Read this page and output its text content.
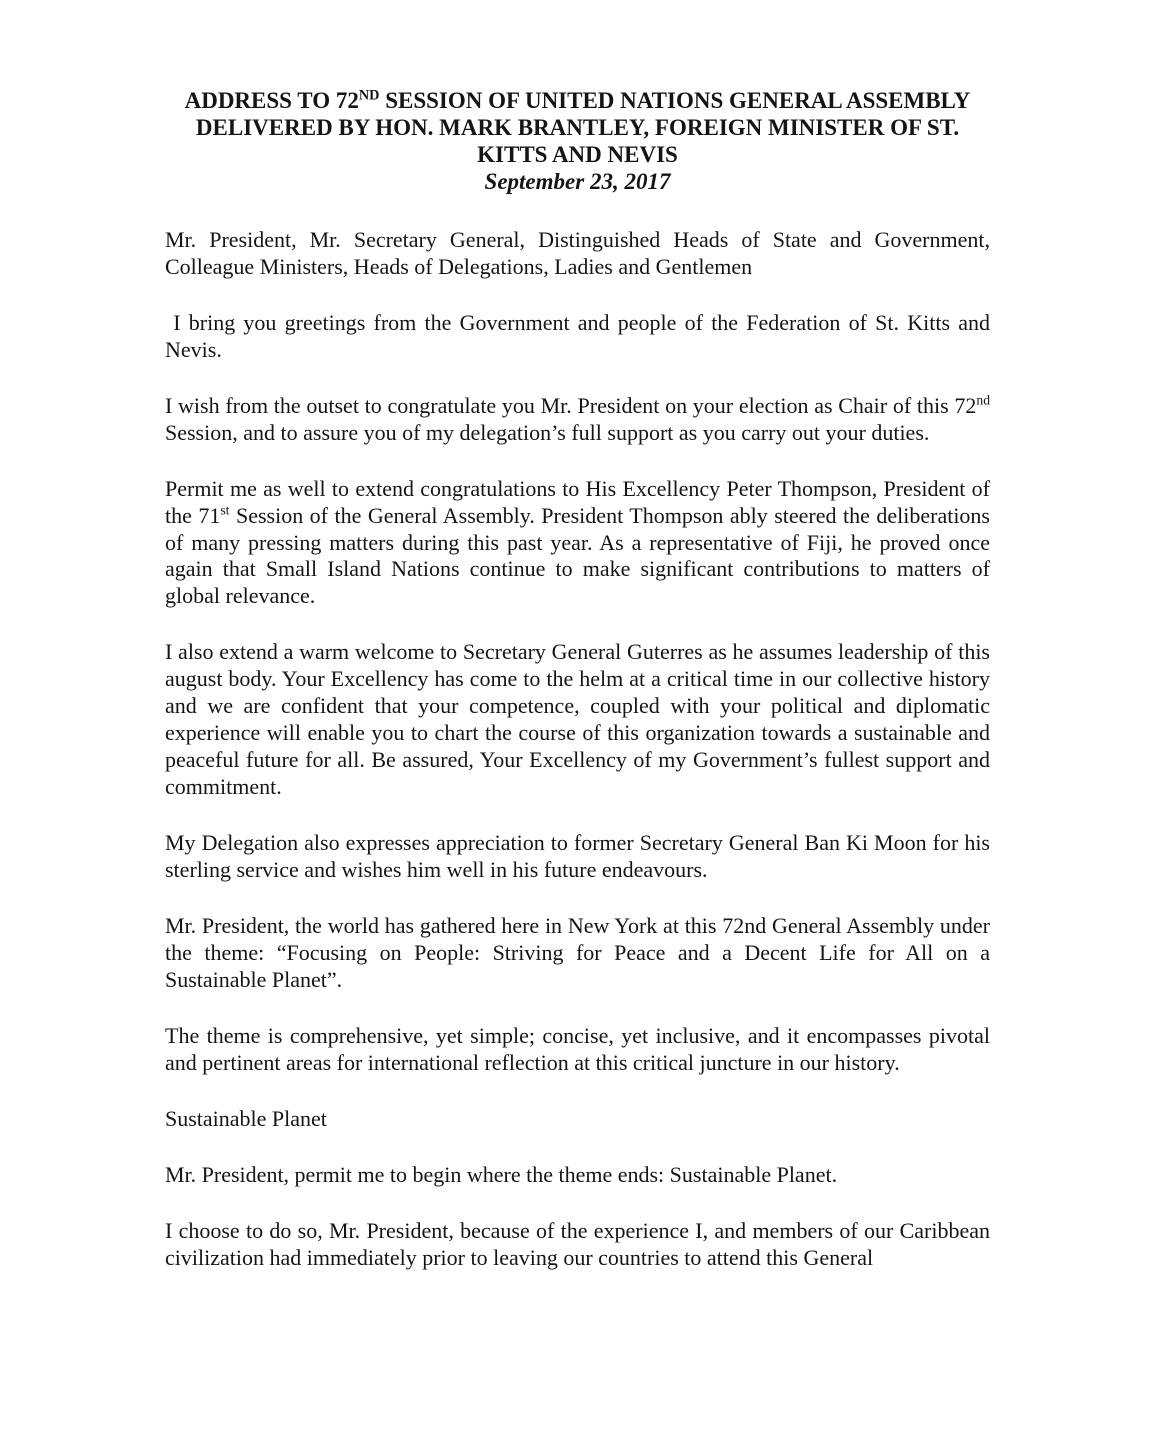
ADDRESS TO 72ND SESSION OF UNITED NATIONS GENERAL ASSEMBLY DELIVERED BY HON. MARK BRANTLEY, FOREIGN MINISTER OF ST. KITTS AND NEVIS
September 23, 2017

Mr. President, Mr. Secretary General, Distinguished Heads of State and Government, Colleague Ministers, Heads of Delegations, Ladies and Gentlemen

I bring you greetings from the Government and people of the Federation of St. Kitts and Nevis.

I wish from the outset to congratulate you Mr. President on your election as Chair of this 72nd Session, and to assure you of my delegation’s full support as you carry out your duties.

Permit me as well to extend congratulations to His Excellency Peter Thompson, President of the 71st Session of the General Assembly. President Thompson ably steered the deliberations of many pressing matters during this past year. As a representative of Fiji, he proved once again that Small Island Nations continue to make significant contributions to matters of global relevance.

I also extend a warm welcome to Secretary General Guterres as he assumes leadership of this august body. Your Excellency has come to the helm at a critical time in our collective history and we are confident that your competence, coupled with your political and diplomatic experience will enable you to chart the course of this organization towards a sustainable and peaceful future for all. Be assured, Your Excellency of my Government’s fullest support and commitment.

My Delegation also expresses appreciation to former Secretary General Ban Ki Moon for his sterling service and wishes him well in his future endeavours.

Mr. President, the world has gathered here in New York at this 72nd General Assembly under the theme: “Focusing on People: Striving for Peace and a Decent Life for All on a Sustainable Planet”.

The theme is comprehensive, yet simple; concise, yet inclusive, and it encompasses pivotal and pertinent areas for international reflection at this critical juncture in our history.

Sustainable Planet

Mr. President, permit me to begin where the theme ends: Sustainable Planet.

I choose to do so, Mr. President, because of the experience I, and members of our Caribbean civilization had immediately prior to leaving our countries to attend this General
